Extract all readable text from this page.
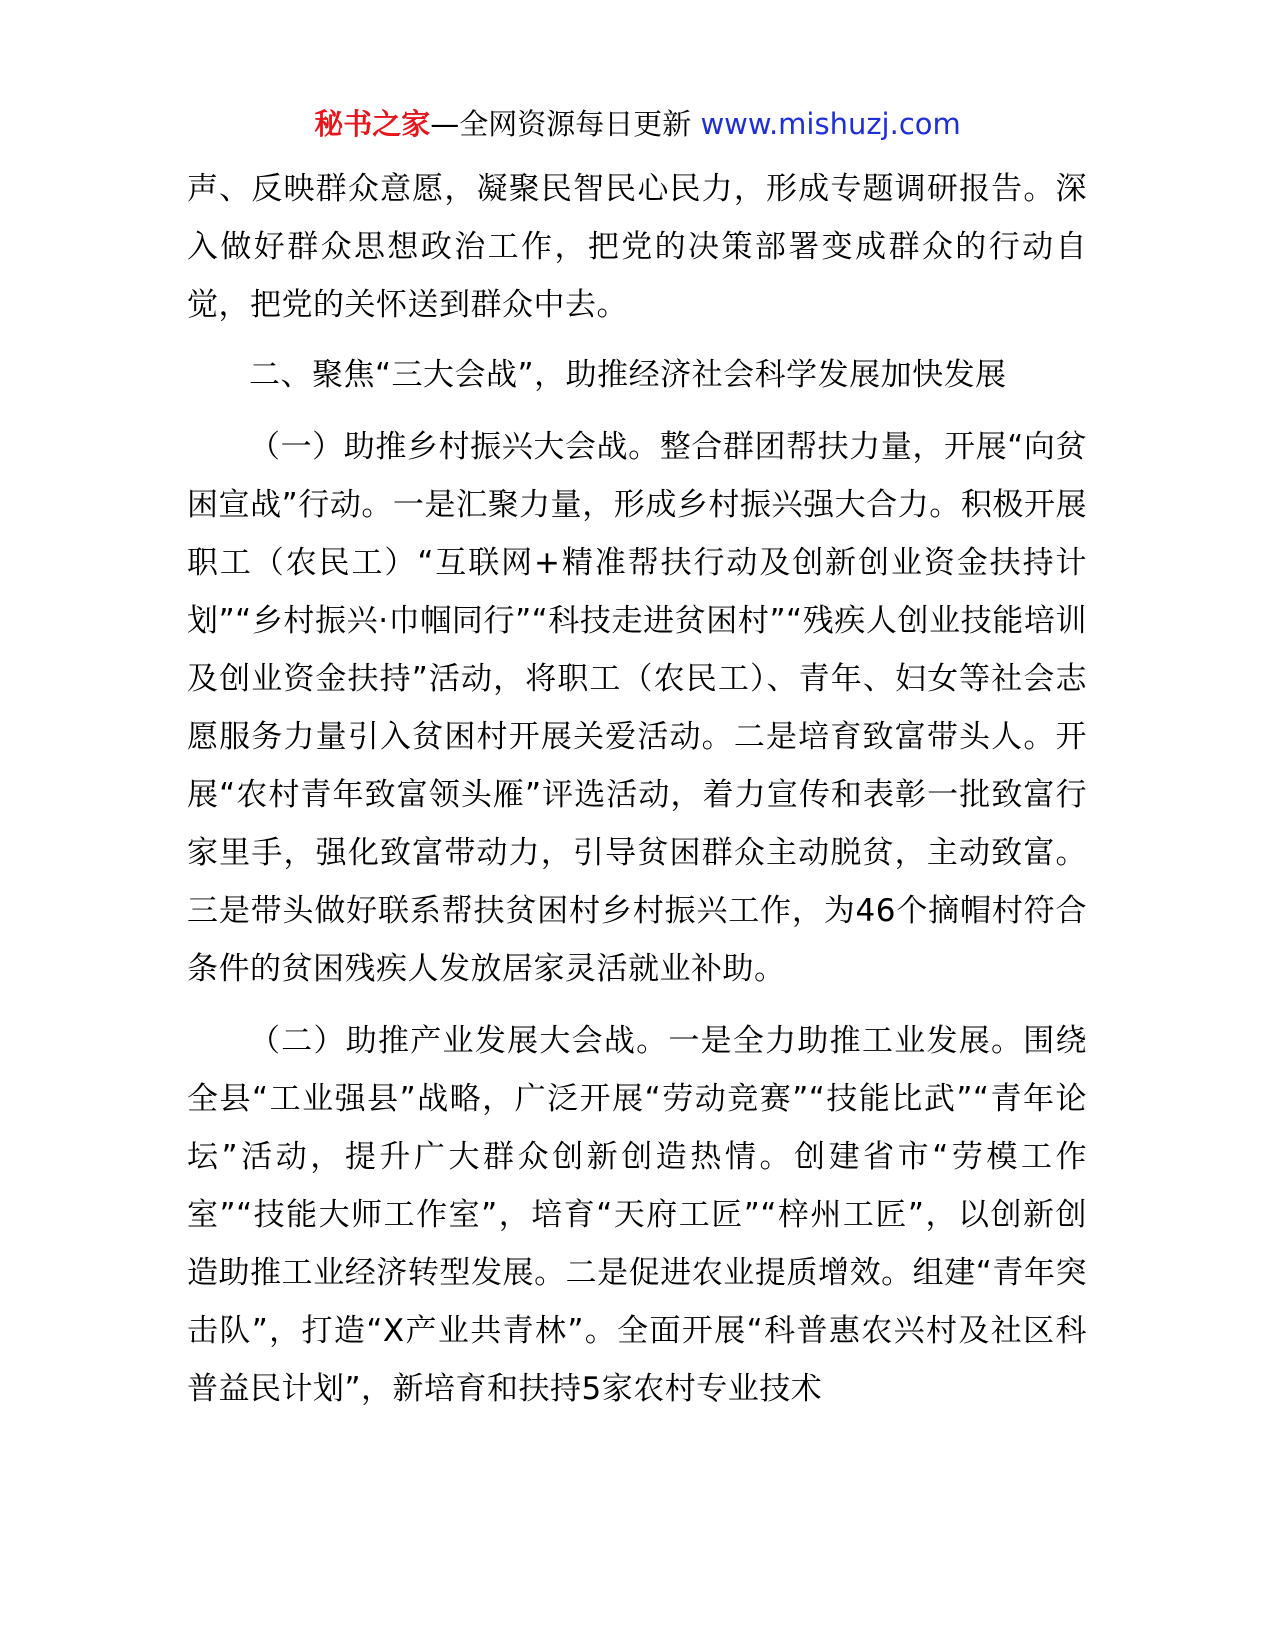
秘书之家—全网资源每日更新 www.mishuzj.com

声、反映群众意愿，凝聚民智民心民力，形成专题调研报告。深入做好群众思想政治工作，把党的决策部署变成群众的行动自觉，把党的关怀送到群众中去。

二、聚焦“三大会战”，助推经济社会科学发展加快发展

（一）助推乡村振兴大会战。整合群团帮扶力量，开展“向贫困宣战”行动。一是汇聚力量，形成乡村振兴强大合力。积极开展职工（农民工）“互联网+精准帮扶行动及创新创业资金扶持计划”“乡村振兴·巾帼同行”“科技走进贫困村”“残疾人创业技能培训及创业资金扶持”活动，将职工（农民工）、青年、妇女等社会志愿服务力量引入贫困村开展关爱活动。二是培育致富带头人。开展“农村青年致富领头雁”评选活动，着力宣传和表彰一批致富行家里手，强化致富带动力，引导贫困群众主动脱贫，主动致富。三是带头做好联系帮扶贫困村乡村振兴工作，为46个摘帽村符合条件的贫困残疾人发放居家灵活就业补助。

（二）助推产业发展大会战。一是全力助推工业发展。围绕全县“工业强县”战略，广泛开展“劳动竞赛”“技能比武”“青年论坛”活动，提升广大群众创新创造热情。创建省市“劳模工作室”“技能大师工作室”，培育“天府工匠”“梓州工匠”，以创新创造助推工业经济转型发展。二是促进农业提质增效。组建“青年突击队”，打造“X产业共青林”。全面开展“科普惠农兴村及社区科普益民计划”，新培育和扶持5家农村专业技术
